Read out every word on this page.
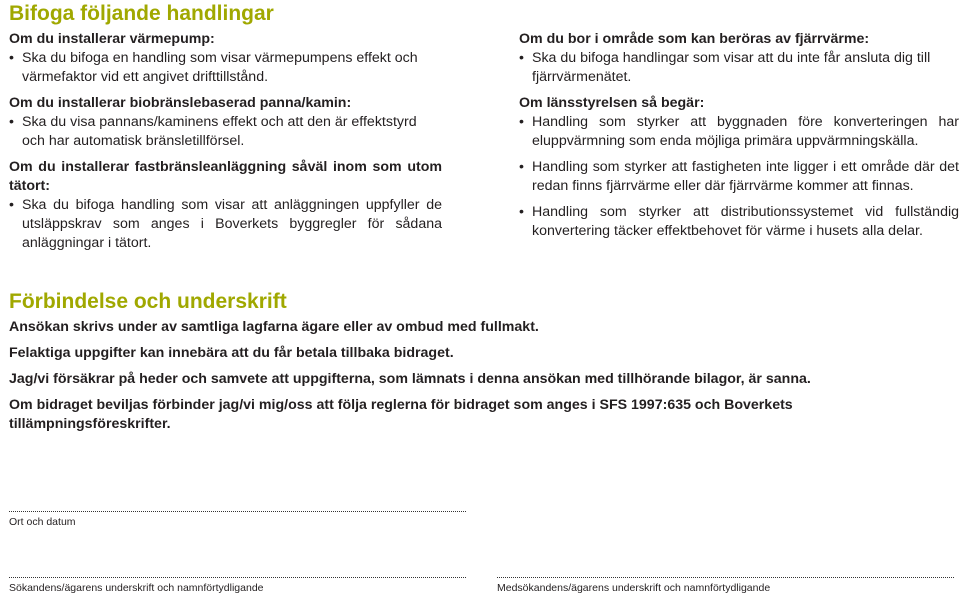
Bifoga följande handlingar
Om du installerar värmepump:
• Ska du bifoga en handling som visar värmepumpens effekt och värmefaktor vid ett angivet drifttillstånd.
Om du installerar biobränslebaserad panna/kamin:
• Ska du visa pannans/kaminens effekt och att den är effektstyrd och har automatisk bränsletillförsel.
Om du installerar fastbränsleanläggning såväl inom som utom tätort:
• Ska du bifoga handling som visar att anläggningen uppfyller de utsläppskrav som anges i Boverkets byggregler för sådana anläggningar i tätort.
Om du bor i område som kan beröras av fjärrvärme:
• Ska du bifoga handlingar som visar att du inte får ansluta dig till fjärrvärmenätet.
Om länsstyrelsen så begär:
• Handling som styrker att byggnaden före konverteringen har eluppvärmning som enda möjliga primära uppvärmningskälla.
• Handling som styrker att fastigheten inte ligger i ett område där det redan finns fjärrvärme eller där fjärrvärme kommer att finnas.
• Handling som styrker att distributionssystemet vid fullständig konvertering täcker effektbehovet för värme i husets alla delar.
Förbindelse och underskrift
Ansökan skrivs under av samtliga lagfarna ägare eller av ombud med fullmakt.
Felaktiga uppgifter kan innebära att du får betala tillbaka bidraget.
Jag/vi försäkrar på heder och samvete att uppgifterna, som lämnats i denna ansökan med tillhörande bilagor, är sanna.
Om bidraget beviljas förbinder jag/vi mig/oss att följa reglerna för bidraget som anges i SFS 1997:635 och Boverkets tillämpningsföreskrifter.
Ort och datum
Sökandens/ägarens underskrift och namnförtydligande	Medsökandens/ägarens underskrift och namnförtydligande
